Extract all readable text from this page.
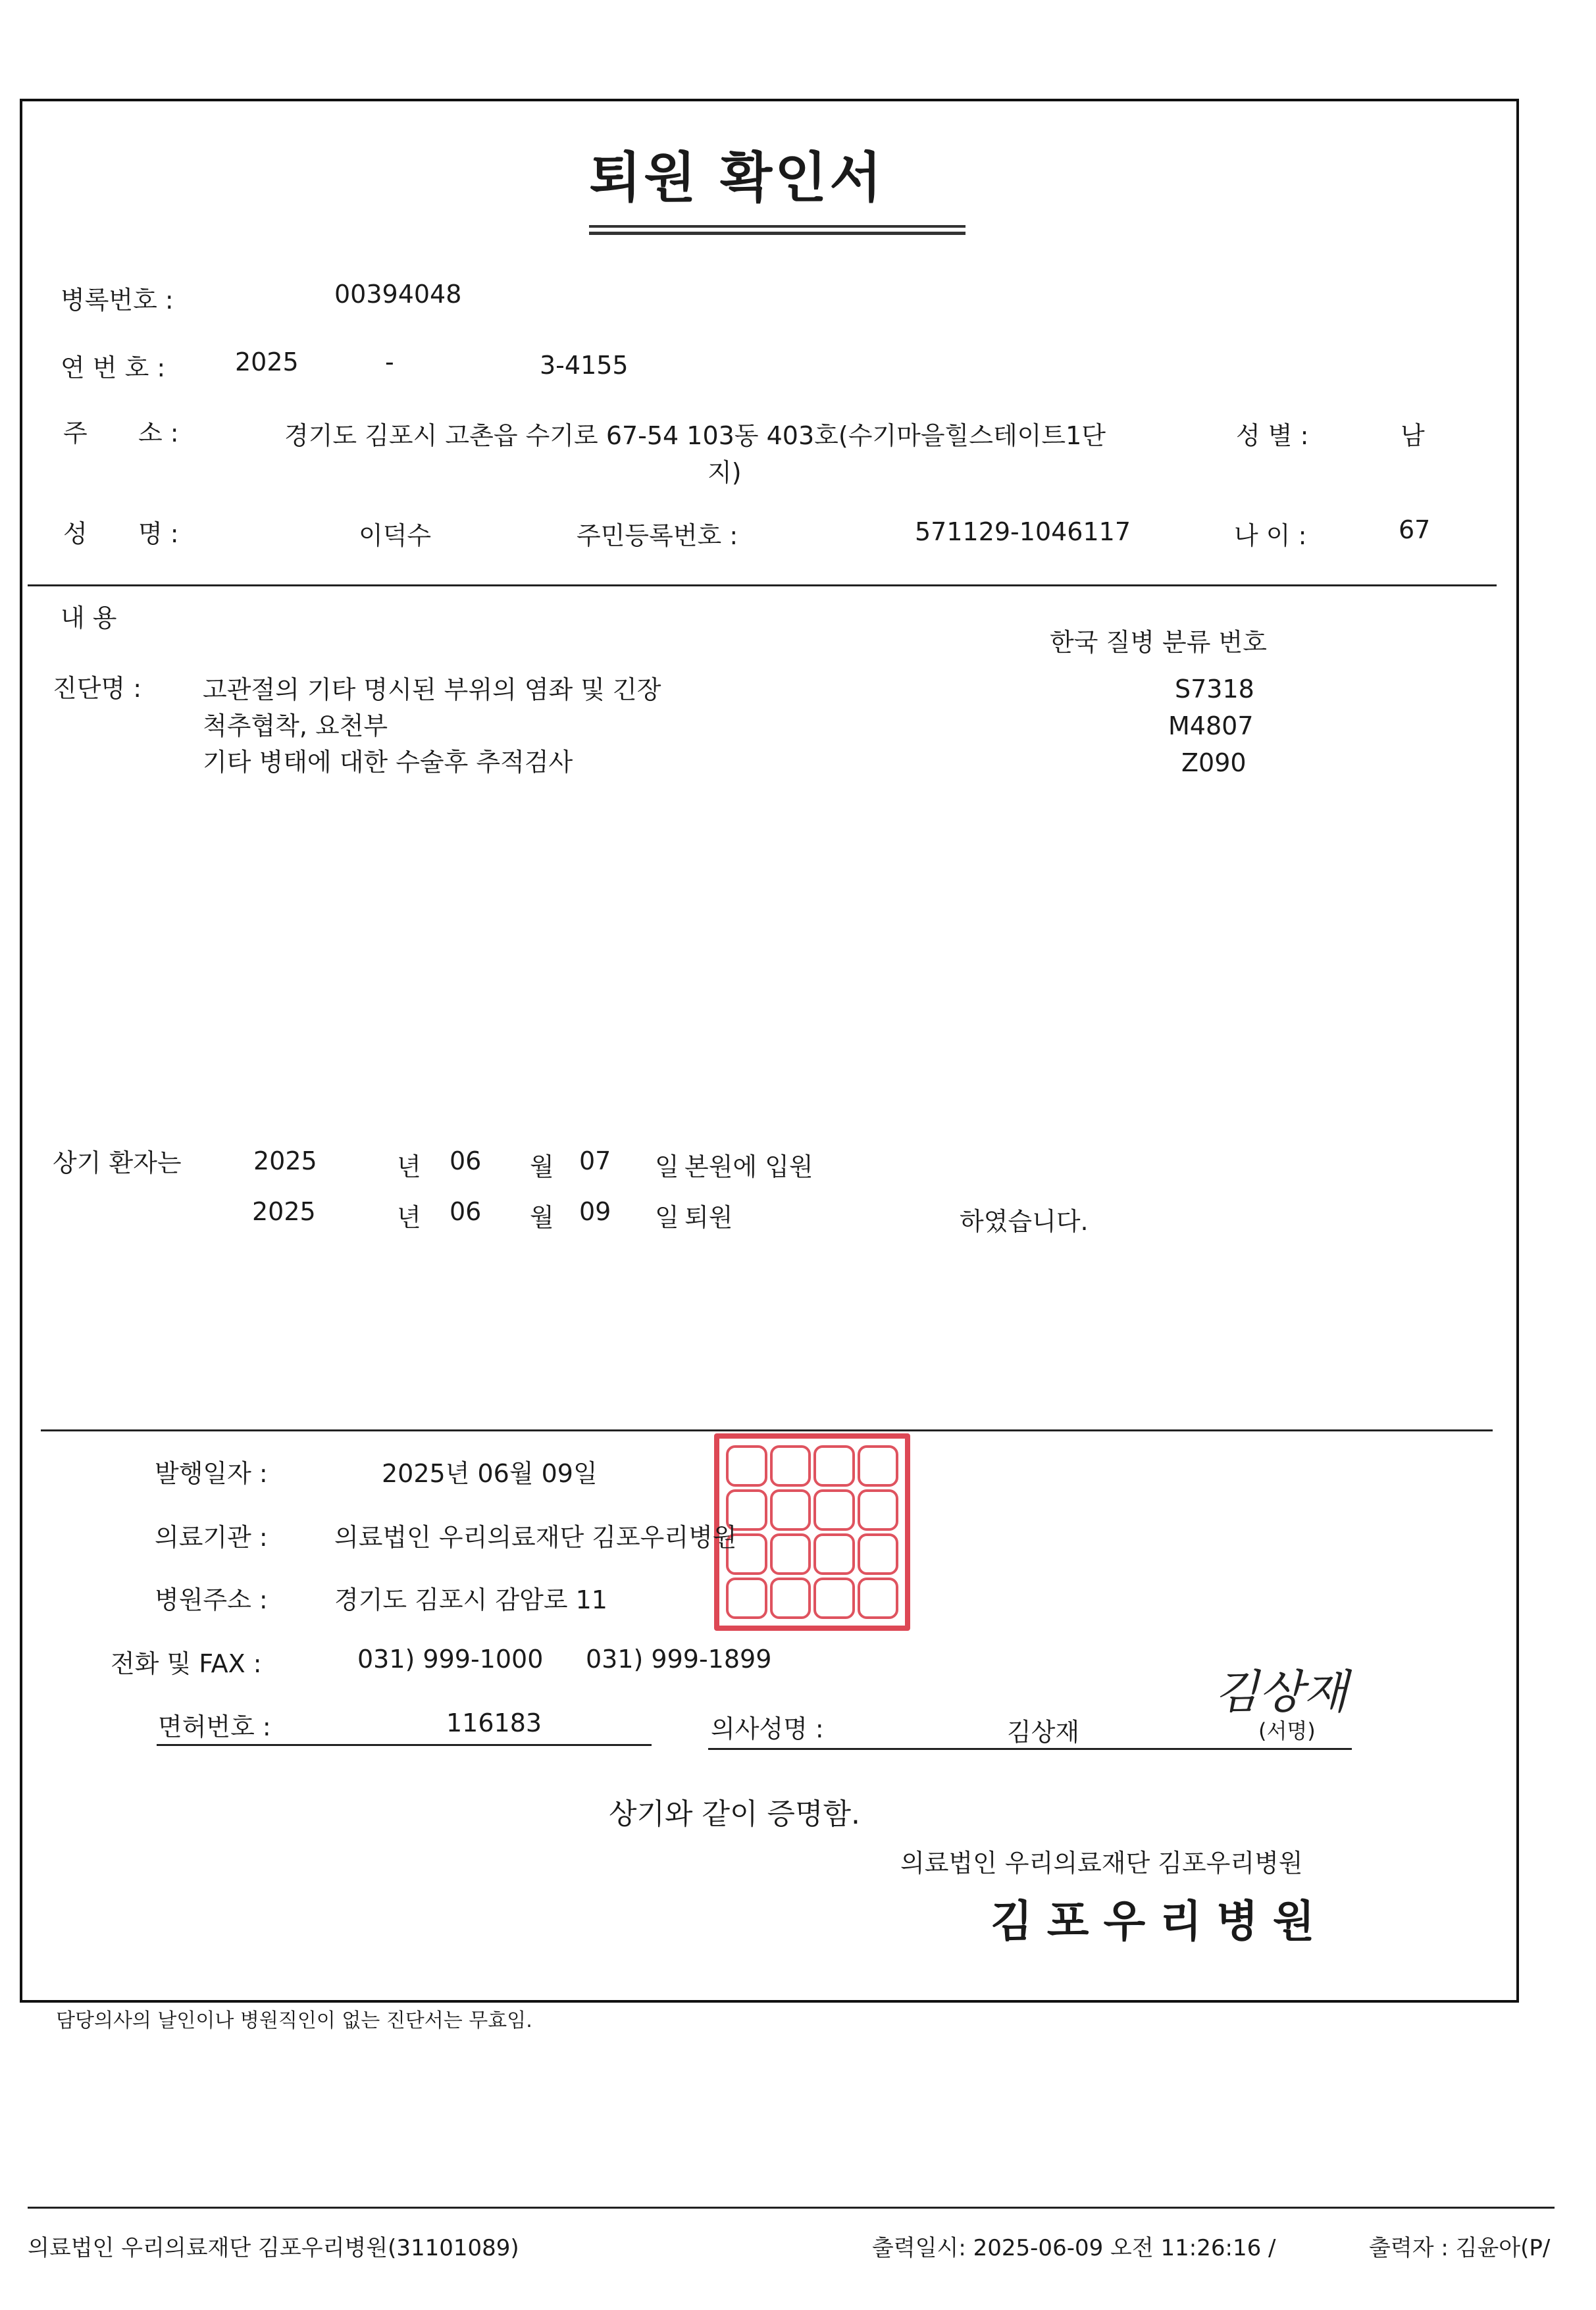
퇴원 확인서
병록번호 :	00394048
연 번 호 :	2025	-	3-4155
주 소 :	경기도 김포시 고촌읍 수기로 67-54 103동 403호(수기마을힐스테이트1단
지)
성 별 :	남
성 명 :	이덕수	주민등록번호 :	571129-1046117	나 이 :	67
내 용
한국 질병 분류 번호
진단명 : 고관절의 기타 명시된 부위의 염좌 및 긴장	S7318
척추협착, 요천부	M4807
기타 병태에 대한 수술후 추적검사	Z090
상기 환자는	2025	년 06 월 07 일 본원에 입원
2025	년 06 월 09 일 퇴원	하였습니다.
발행일자 :	2025년 06월 09일
의료기관 :	의료법인 우리의료재단 김포우리병원
병원주소 :	경기도 김포시 감암로 11
전화 및 FAX :	031) 999-1000 031) 999-1899
면허번호 :	116183	의사성명 :	김상재	(서명)
김상재
상기와 같이 증명함.
의료법인 우리의료재단 김포우리병원
김포우리병원
담당의사의 날인이나 병원직인이 없는 진단서는 무효임.
의료법인 우리의료재단 김포우리병원(31101089)	출력일시: 2025-06-09 오전 11:26:16 /	출력자 : 김윤아(P/
